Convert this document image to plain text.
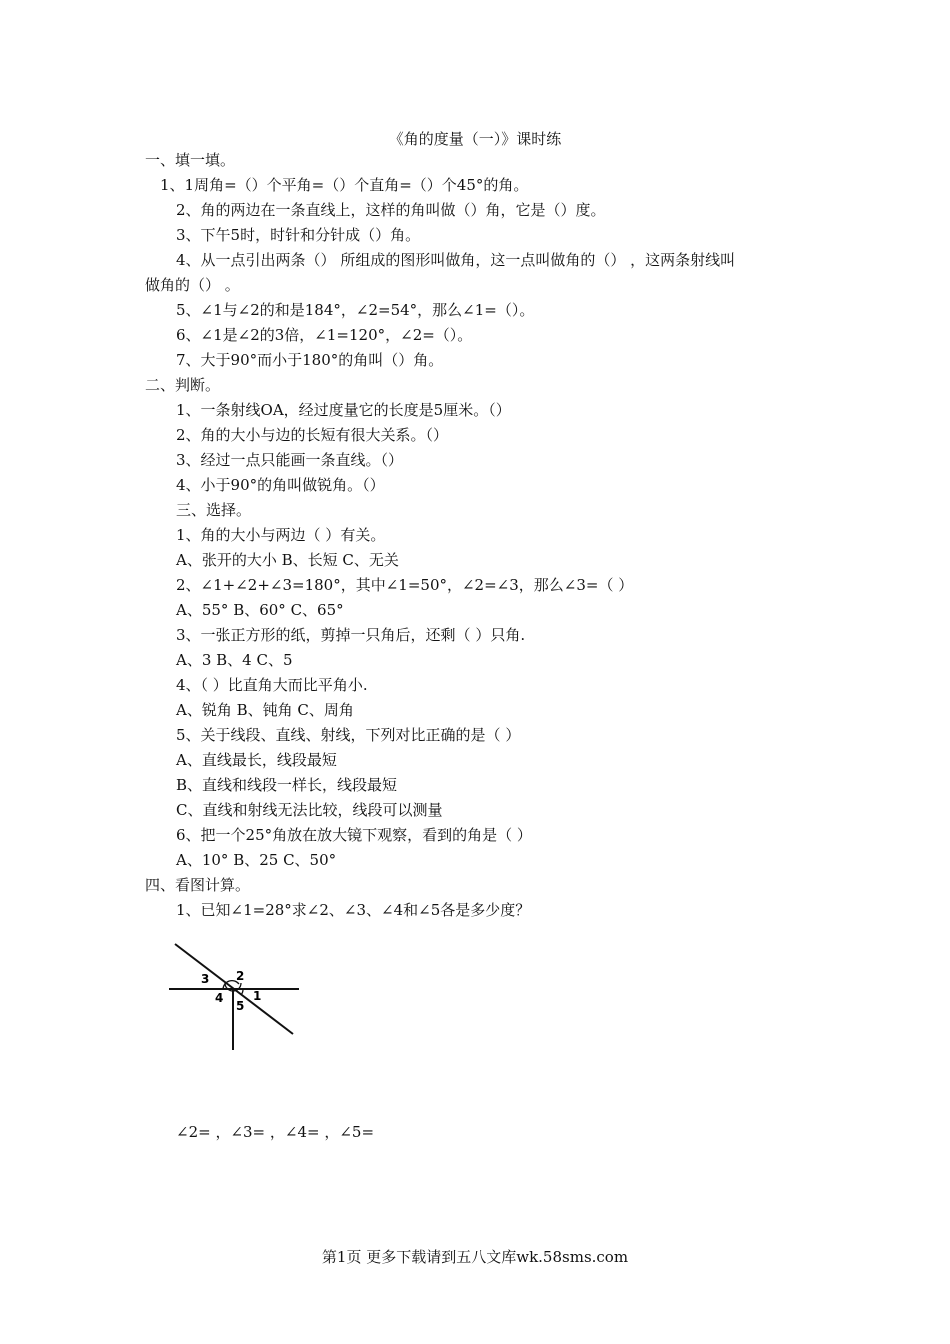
《角的度量（一）》课时练
一、填一填。
1、1周角=（）个平角=（）个直角=（）个45°的角。
2、角的两边在一条直线上，这样的角叫做（）角，它是（）度。
3、下午5时，时针和分针成（）角。
4、从一点引出两条（） 所组成的图形叫做角，这一点叫做角的（） ，这两条射线叫
做角的（） 。
5、∠1与∠2的和是184°，∠2=54°，那么∠1=（）。
6、∠1是∠2的3倍，∠1=120°，∠2=（）。
7、大于90°而小于180°的角叫（）角。
二、判断。
1、一条射线OA，经过度量它的长度是5厘米。（）
2、角的大小与边的长短有很大关系。（）
3、经过一点只能画一条直线。（）
4、小于90°的角叫做锐角。（）
三、选择。
1、角的大小与两边（ ）有关。
A、张开的大小 B、长短 C、无关
2、∠1+∠2+∠3=180°，其中∠1=50°，∠2=∠3，那么∠3=（ ）
A、55° B、60° C、65°
3、一张正方形的纸，剪掉一只角后，还剩（ ）只角.
A、3 B、4 C、5
4、（ ）比直角大而比平角小.
A、锐角 B、钝角 C、周角
5、关于线段、直线、射线，下列对比正确的是（ ）
A、直线最长，线段最短
B、直线和线段一样长，线段最短
C、直线和射线无法比较，线段可以测量
6、把一个25°角放在放大镜下观察，看到的角是（ ）
A、10° B、25 C、50°
四、看图计算。
1、已知∠1=28°求∠2、∠3、∠4和∠5各是多少度？
1
2
3
4
5
∠2= ，∠3= ，∠4= ，∠5=
第1页 更多下载请到五八文库wk.58sms.com
